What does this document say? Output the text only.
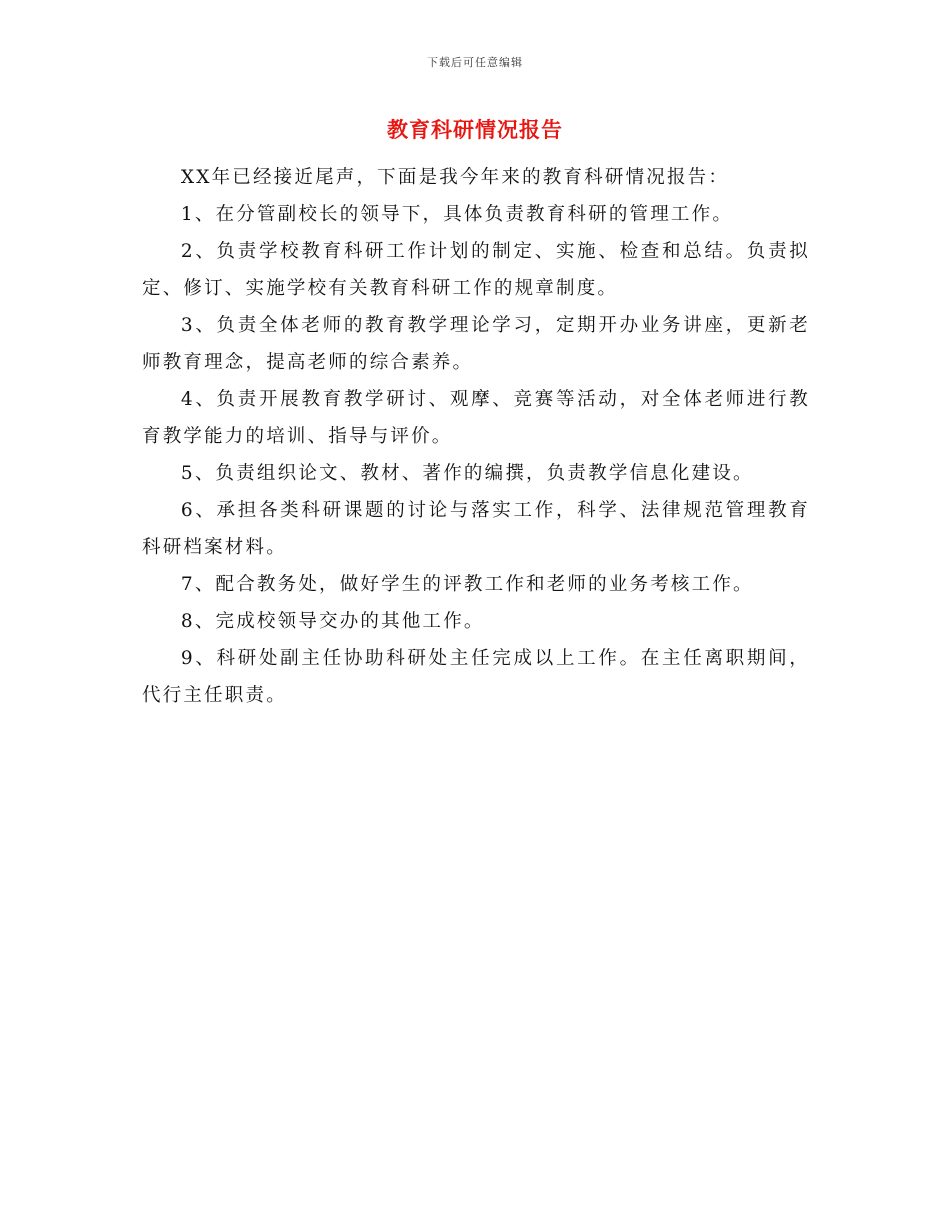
下载后可任意编辑
教育科研情况报告

XX年已经接近尾声，下面是我今年来的教育科研情况报告：

1、在分管副校长的领导下，具体负责教育科研的管理工作。

2、负责学校教育科研工作计划的制定、实施、检查和总结。负责拟定、修订、实施学校有关教育科研工作的规章制度。

3、负责全体老师的教育教学理论学习，定期开办业务讲座，更新老师教育理念，提高老师的综合素养。

4、负责开展教育教学研讨、观摩、竞赛等活动，对全体老师进行教育教学能力的培训、指导与评价。

5、负责组织论文、教材、著作的编撰，负责教学信息化建设。

6、承担各类科研课题的讨论与落实工作，科学、法律规范管理教育科研档案材料。

7、配合教务处，做好学生的评教工作和老师的业务考核工作。

8、完成校领导交办的其他工作。

9、科研处副主任协助科研处主任完成以上工作。在主任离职期间，代行主任职责。
